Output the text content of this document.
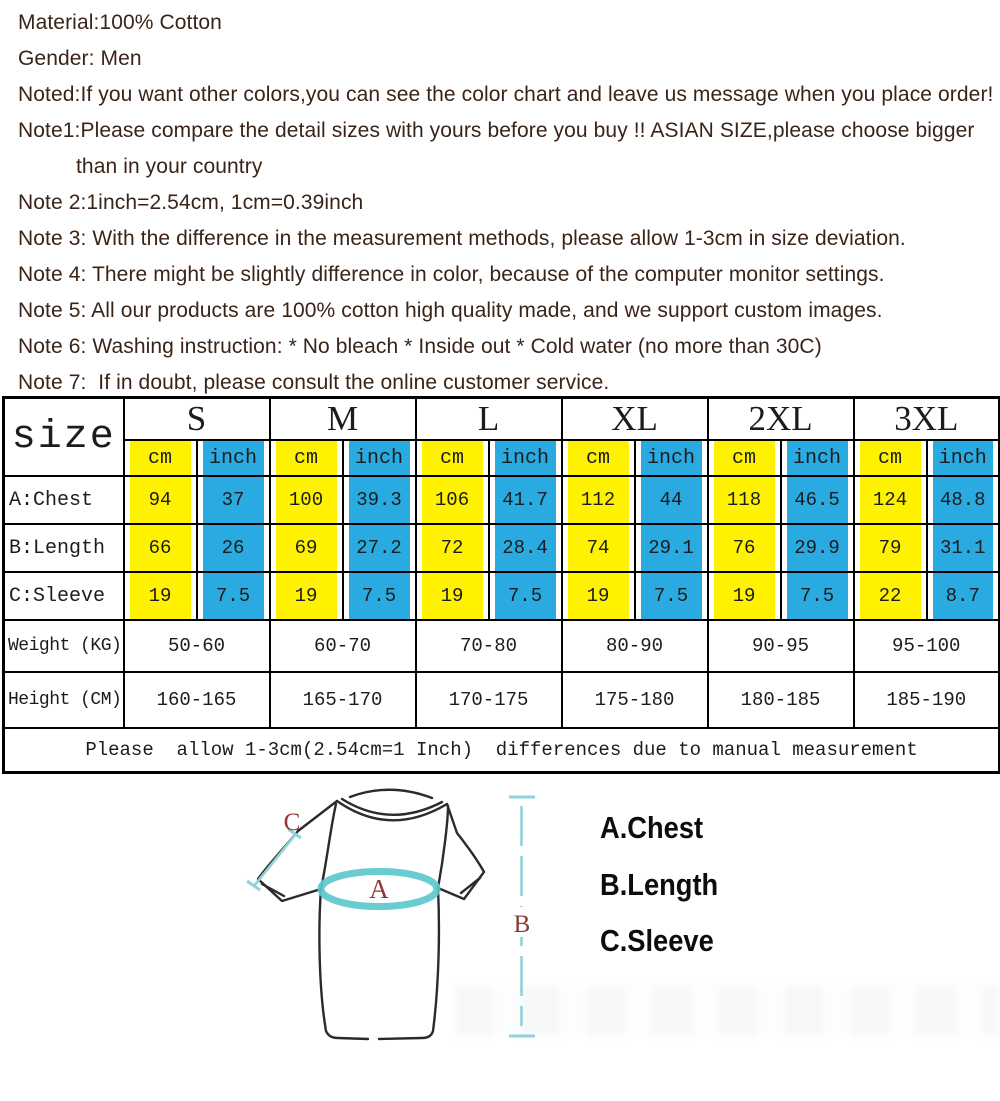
Material:100% Cotton

Gender: Men

Noted:If you want other colors,you can see the color chart and leave us message when you place order!

Note1:Please compare the detail sizes with yours before you buy !! ASIAN SIZE,please choose bigger

than in your country

Note 2:1inch=2.54cm, 1cm=0.39inch

Note 3: With the difference in the measurement methods, please allow 1-3cm in size deviation.

Note 4: There might be slightly difference in color, because of the computer monitor settings.

Note 5: All our products are 100% cotton high quality made, and we support custom images.

Note 6: Washing instruction: * No bleach * Inside out * Cold water (no more than 30C)

Note 7:  If in doubt, please consult the online customer service.

size	S		M		L		XL		2XL		3XL	

cm	inch	cm	inch	cm	inch	cm	inch	cm	inch	cm	inch

A:Chest	94	37	100	39.3	106	41.7	112	44	118	46.5	124	48.8

B:Length	66	26	69	27.2	72	28.4	74	29.1	76	29.9	79	31.1

C:Sleeve	19	7.5	19	7.5	19	7.5	19	7.5	19	7.5	22	8.7

Weight (KG)	50-60		60-70		70-80		80-90		90-95		95-100	
Height (CM)	160-165		165-170		170-175		175-180		180-185		185-190	
Please  allow 1-3cm(2.54cm=1 Inch)  differences due to manual measurement												
C
A
B

A.Chest

B.Length

C.Sleeve
